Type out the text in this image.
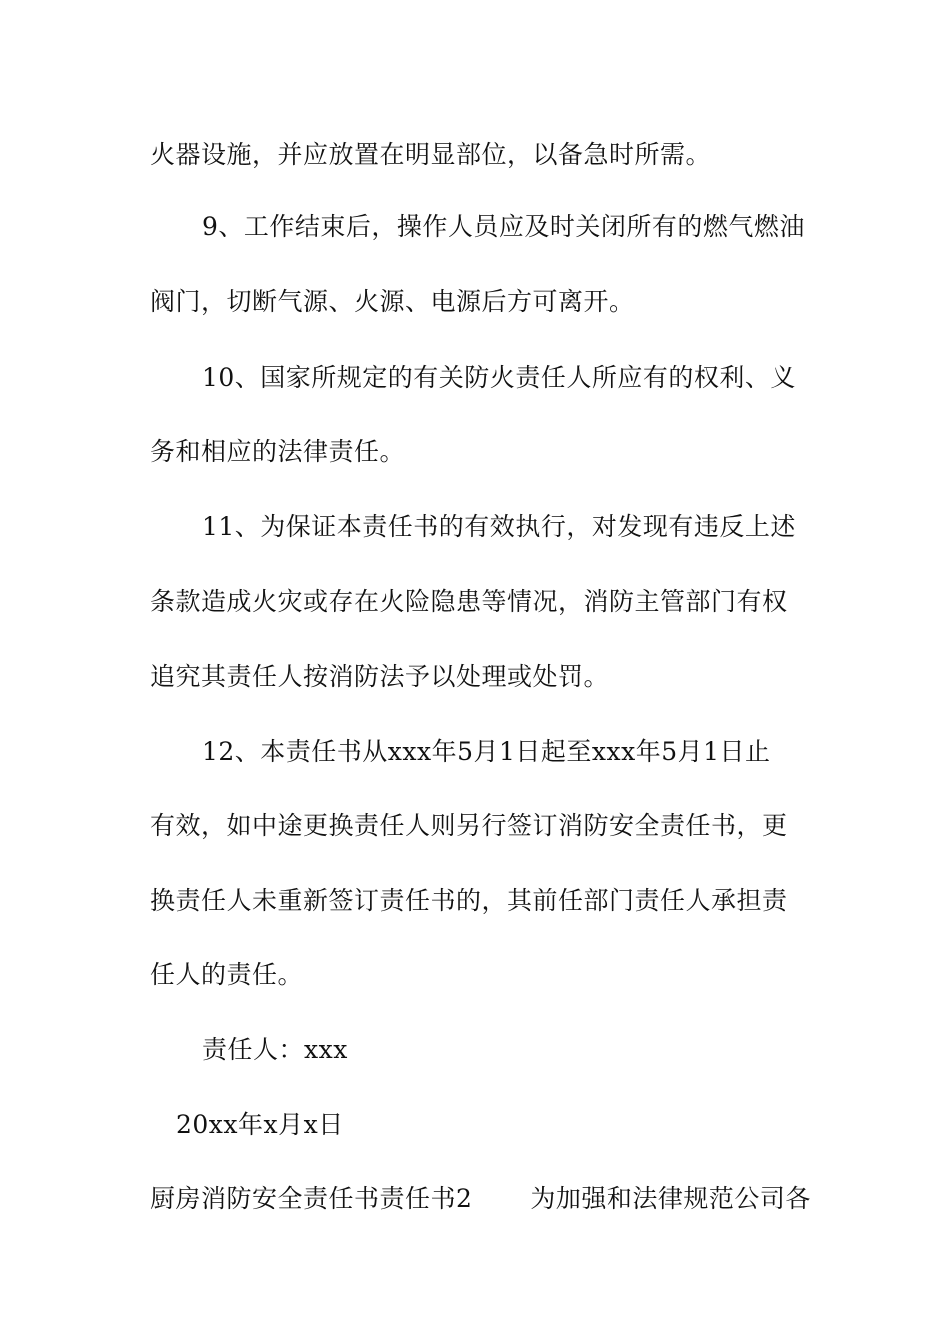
火器设施，并应放置在明显部位，以备急时所需。
9、工作结束后，操作人员应及时关闭所有的燃气燃油
阀门，切断气源、火源、电源后方可离开。
10、国家所规定的有关防火责任人所应有的权利、义
务和相应的法律责任。
11、为保证本责任书的有效执行，对发现有违反上述
条款造成火灾或存在火险隐患等情况，消防主管部门有权
追究其责任人按消防法予以处理或处罚。
12、本责任书从xxx年5月1日起至xxx年5月1日止
有效，如中途更换责任人则另行签订消防安全责任书，更
换责任人未重新签订责任书的，其前任部门责任人承担责
任人的责任。
责任人：xxx
20xx年x月x日
厨房消防安全责任书责任书2 为加强和法律规范公司各
